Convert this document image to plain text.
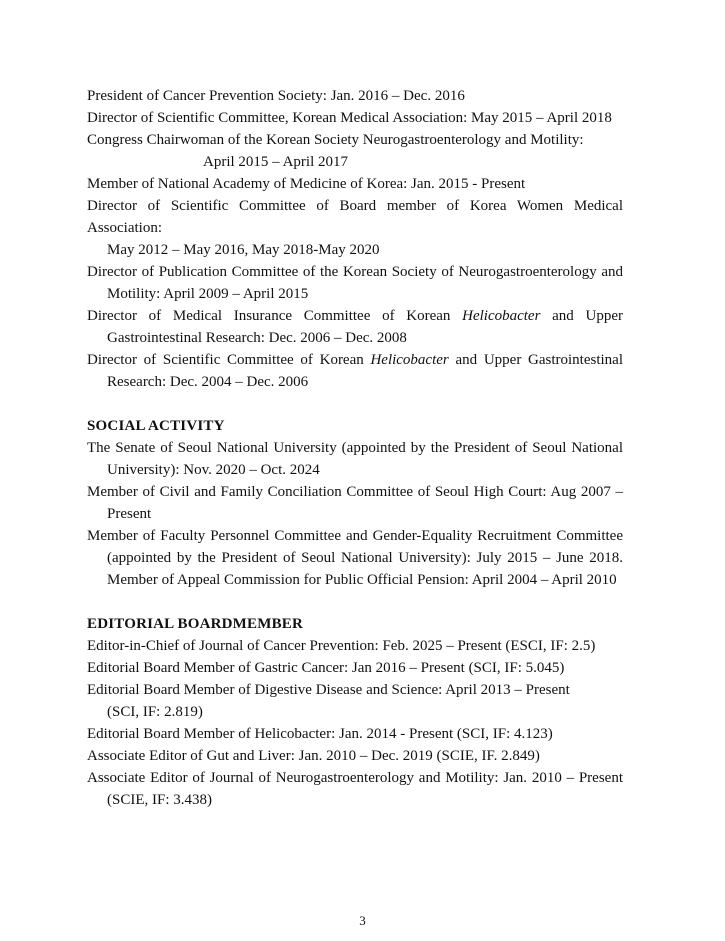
President of Cancer Prevention Society: Jan. 2016 – Dec. 2016
Director of Scientific Committee, Korean Medical Association: May 2015 – April 2018
Congress Chairwoman of the Korean Society Neurogastroenterology and Motility:
April 2015 – April 2017
Member of National Academy of Medicine of Korea: Jan. 2015 - Present
Director of Scientific Committee of Board member of Korea Women Medical Association:
May 2012 – May 2016, May 2018-May 2020
Director of Publication Committee of the Korean Society of Neurogastroenterology and
Motility: April 2009 – April 2015
Director of Medical Insurance Committee of Korean Helicobacter and Upper
Gastrointestinal Research: Dec. 2006 – Dec. 2008
Director of Scientific Committee of Korean Helicobacter and Upper Gastrointestinal
Research: Dec. 2004 – Dec. 2006
SOCIAL ACTIVITY
The Senate of Seoul National University (appointed by the President of Seoul National
University): Nov. 2020 – Oct. 2024
Member of Civil and Family Conciliation Committee of Seoul High Court: Aug 2007 –
Present
Member of Faculty Personnel Committee and Gender-Equality Recruitment Committee
(appointed by the President of Seoul National University): July 2015 – June 2018.
Member of Appeal Commission for Public Official Pension: April 2004 – April 2010
EDITORIAL BOARDMEMBER
Editor-in-Chief of Journal of Cancer Prevention: Feb. 2025 – Present (ESCI, IF: 2.5)
Editorial Board Member of Gastric Cancer: Jan 2016 – Present (SCI, IF: 5.045)
Editorial Board Member of Digestive Disease and Science: April 2013 – Present
(SCI, IF: 2.819)
Editorial Board Member of Helicobacter: Jan. 2014 - Present (SCI, IF: 4.123)
Associate Editor of Gut and Liver: Jan. 2010 – Dec. 2019 (SCIE, IF. 2.849)
Associate Editor of Journal of Neurogastroenterology and Motility: Jan. 2010 – Present
(SCIE, IF: 3.438)
3
